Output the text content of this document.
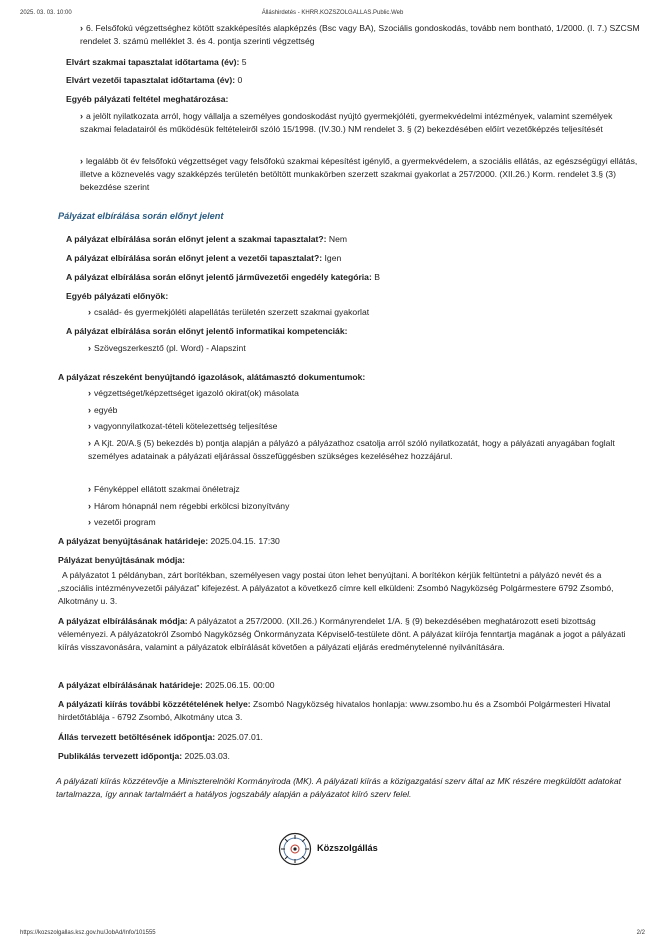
2025. 03. 03. 10:00	Álláshirdetés - KHRR.KOZSZOLGALLAS.Public.Web
› 6. Felsőfokú végzettséghez kötött szakképesítés alapképzés (Bsc vagy BA), Szociális gondoskodás, tovább nem bontható, 1/2000. (I. 7.) SZCSM rendelet 3. számú melléklet 3. és 4. pontja szerinti végzettség
Elvárt szakmai tapasztalat időtartama (év): 5
Elvárt vezetői tapasztalat időtartama (év): 0
Egyéb pályázati feltétel meghatározása:
› a jelölt nyilatkozata arról, hogy vállalja a személyes gondoskodást nyújtó gyermekjóléti, gyermekvédelmi intézmények, valamint személyek szakmai feladatairól és működésük feltételeiről szóló 15/1998. (IV.30.) NM rendelet 3. § (2) bekezdésében előírt vezetőképzés teljesítését
› legalább öt év felsőfokú végzettséget vagy felsőfokú szakmai képesítést igénylő, a gyermekvédelem, a szociális ellátás, az egészségügyi ellátás, illetve a köznevelés vagy szakképzés területén betöltött munkakörben szerzett szakmai gyakorlat a 257/2000. (XII.26.) Korm. rendelet 3.§ (3) bekezdése szerint
Pályázat elbírálása során előnyt jelent
A pályázat elbírálása során előnyt jelent a szakmai tapasztalat?: Nem
A pályázat elbírálása során előnyt jelent a vezetői tapasztalat?: Igen
A pályázat elbírálása során előnyt jelentő járművezetői engedély kategória: B
Egyéb pályázati előnyök:
› család- és gyermekjóléti alapellátás területén szerzett szakmai gyakorlat
A pályázat elbírálása során előnyt jelentő informatikai kompetenciák:
› Szövegszerkesztő (pl. Word) - Alapszint
A pályázat részeként benyújtandó igazolások, alátámasztó dokumentumok:
› végzettséget/képzettséget igazoló okirat(ok) másolata
› egyéb
› vagyonnyilatkozat-tételi kötelezettség teljesítése
› A Kjt. 20/A.§ (5) bekezdés b) pontja alapján a pályázó a pályázathoz csatolja arról szóló nyilatkozatát, hogy a pályázati anyagában foglalt személyes adatainak a pályázati eljárással összefüggésben szükséges kezeléséhez hozzájárul.
› Fényképpel ellátott szakmai önéletrajz
› Három hónapnál nem régebbi erkölcsi bizonyítvány
› vezetői program
A pályázat benyújtásának határideje: 2025.04.15. 17:30
Pályázat benyújtásának módja:
A pályázatot 1 példányban, zárt borítékban, személyesen vagy postai úton lehet benyújtani. A borítékon kérjük feltüntetni a pályázó nevét és a „szociális intézményvezetői pályázat” kifejezést. A pályázatot a következő címre kell elküldeni: Zsombó Nagyközség Polgármestere 6792 Zsombó, Alkotmány u. 3.
A pályázat elbírálásának módja: A pályázatot a 257/2000. (XII.26.) Kormányrendelet 1/A. § (9) bekezdésében meghatározott eseti bizottság véleményezi. A pályázatokról Zsombó Nagyközség Önkormányzata Képviselő-testülete dönt. A pályázat kiírója fenntartja magának a jogot a pályázati kiírás visszavonására, valamint a pályázatok elbírálását követően a pályázati eljárás eredménytelenné nyilvánítására.
A pályázat elbírálásának határideje: 2025.06.15. 00:00
A pályázati kiírás további közzétételének helye: Zsombó Nagyközség hivatalos honlapja: www.zsombo.hu és a Zsombói Polgármesteri Hivatal hirdetőtáblája - 6792 Zsombó, Alkotmány utca 3.
Állás tervezett betöltésének időpontja: 2025.07.01.
Publikálás tervezett időpontja: 2025.03.03.
A pályázati kiírás közzétevője a Miniszterelnöki Kormányiroda (MK). A pályázati kiírás a közigazgatási szerv által az MK részére megküldött adatokat tartalmazza, így annak tartalmáért a hatályos jogszabály alapján a pályázatot kiíró szerv felel.
Közszolgállás
https://kozszolgallas.ksz.gov.hu/JobAd/Info/101555	2/2
